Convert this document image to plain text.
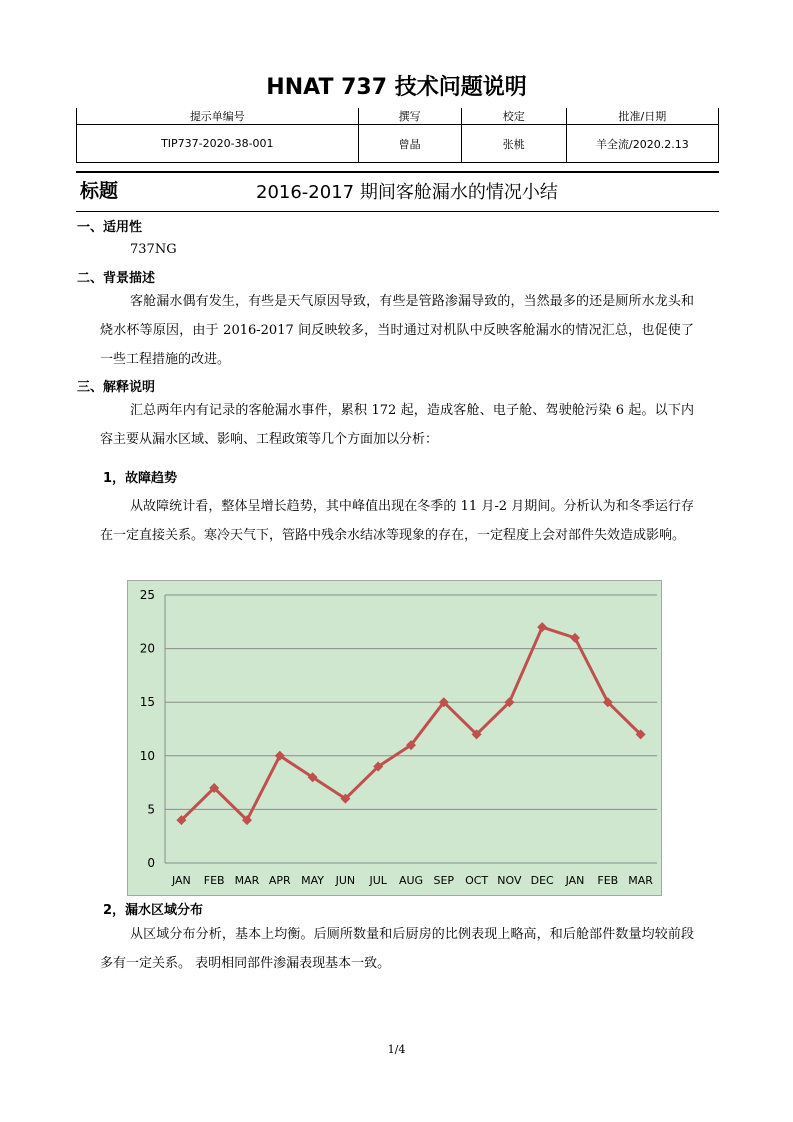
HNAT 737 技术问题说明
提示单编号	撰写	校定	批准/日期
TIP737-2020-38-001	曾晶	张桃	羊全流/2020.2.13
标题	2016-2017 期间客舱漏水的情况小结
一、适用性
737NG
二、背景描述
客舱漏水偶有发生，有些是天气原因导致，有些是管路渗漏导致的，当然最多的还是厕所水龙头和烧水杯等原因，由于 2016-2017 间反映较多，当时通过对机队中反映客舱漏水的情况汇总，也促使了一些工程措施的改进。
三、解释说明
汇总两年内有记录的客舱漏水事件，累积 172 起，造成客舱、电子舱、驾驶舱污染 6 起。以下内容主要从漏水区域、影响、工程政策等几个方面加以分析：
1，故障趋势
从故障统计看，整体呈增长趋势，其中峰值出现在冬季的 11 月-2 月期间。分析认为和冬季运行存在一定直接关系。寒冷天气下，管路中残余水结冰等现象的存在，一定程度上会对部件失效造成影响。
0
5
10
15
20
25
JAN FEB MAR APR MAY JUN JUL AUG SEP OCT NOV DEC JAN FEB MAR
2，漏水区域分布
从区域分布分析，基本上均衡。后厕所数量和后厨房的比例表现上略高，和后舱部件数量均较前段多有一定关系。 表明相同部件渗漏表现基本一致。
1/4
